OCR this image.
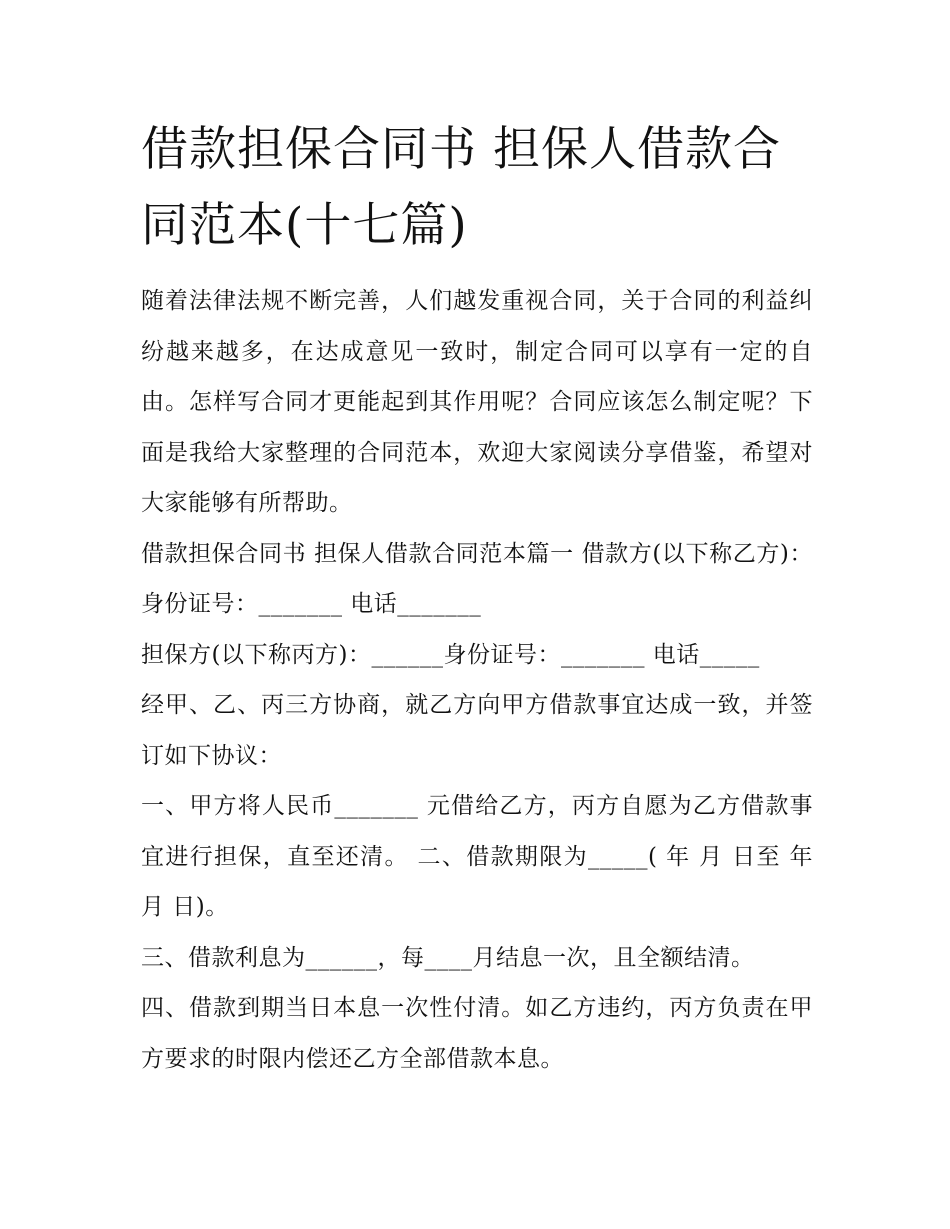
借款担保合同书 担保人借款合同范本(十七篇)

随着法律法规不断完善，人们越发重视合同，关于合同的利益纠纷越来越多，在达成意见一致时，制定合同可以享有一定的自由。怎样写合同才更能起到其作用呢？合同应该怎么制定呢？下面是我给大家整理的合同范本，欢迎大家阅读分享借鉴，希望对大家能够有所帮助。

借款担保合同书 担保人借款合同范本篇一 借款方(以下称乙方)： 身份证号：_______ 电话_______

担保方(以下称丙方)：______身份证号：_______ 电话_____

经甲、乙、丙三方协商，就乙方向甲方借款事宜达成一致，并签订如下协议：

一、甲方将人民币_______ 元借给乙方，丙方自愿为乙方借款事宜进行担保，直至还清。 二、借款期限为_____( 年 月 日至 年 月 日)。

三、借款利息为______，每____月结息一次，且全额结清。

四、借款到期当日本息一次性付清。如乙方违约，丙方负责在甲方要求的时限内偿还乙方全部借款本息。
